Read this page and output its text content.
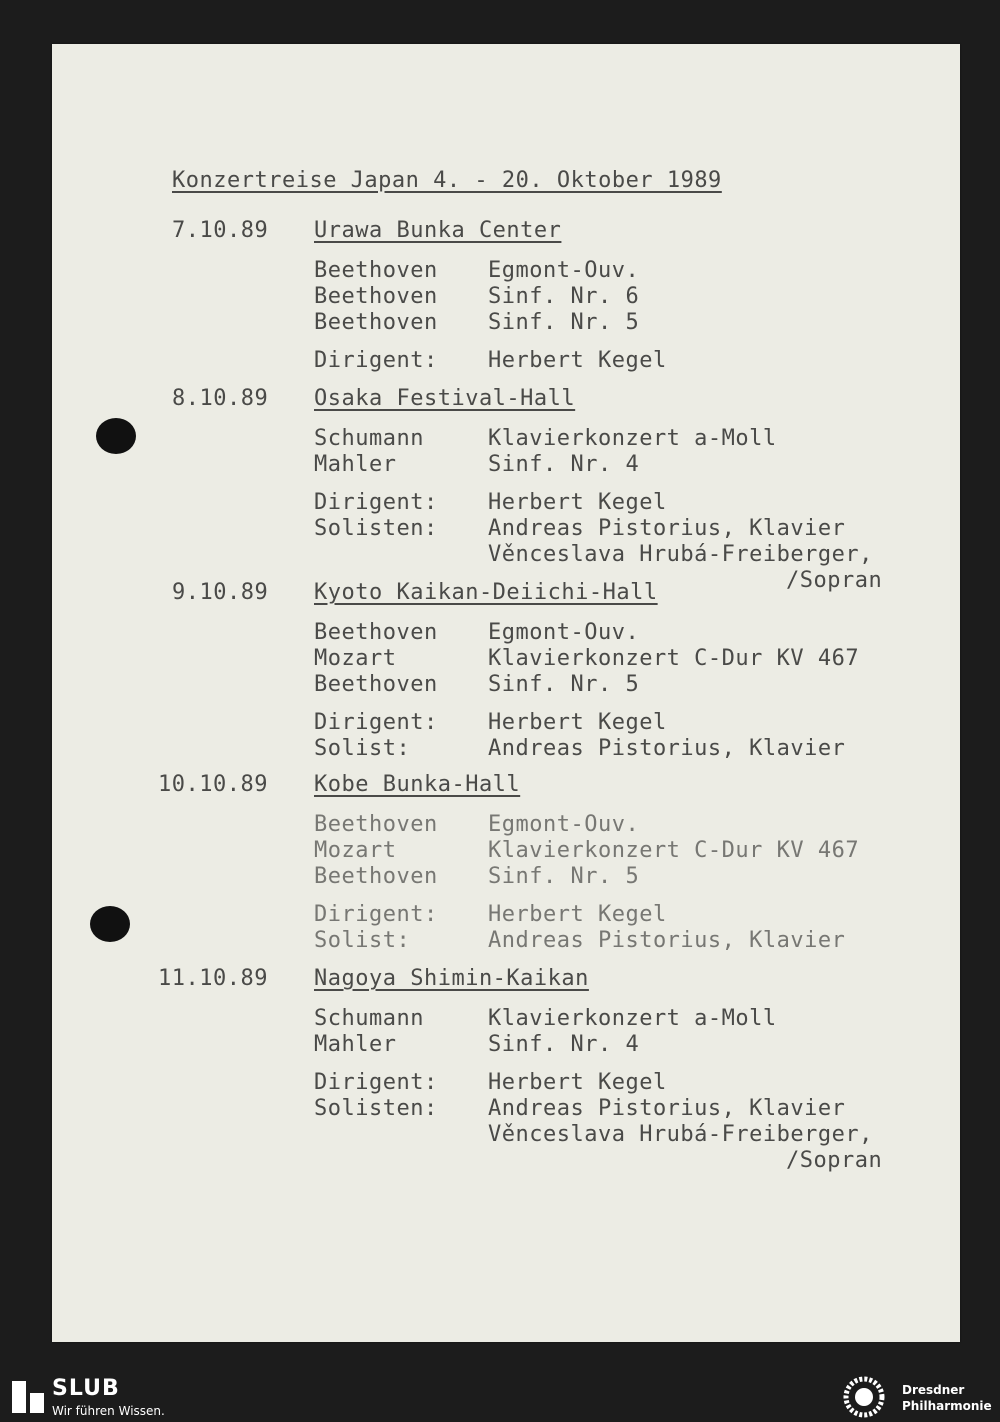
Konzertreise Japan 4. - 20. Oktober 1989
7.10.89 Urawa Bunka Center
Beethoven Egmont-Ouv.
Beethoven Sinf. Nr. 6
Beethoven Sinf. Nr. 5
Dirigent: Herbert Kegel
8.10.89 Osaka Festival-Hall
Schumann	Klavierkonzert a-Moll
Mahler	Sinf. Nr. 4
Dirigent: Herbert Kegel
Solisten: Andreas Pistorius, Klavier
Věnceslava Hrubá-Freiberger,
/Sopran
9.10.89 Kyoto Kaikan-Deiichi-Hall
Beethoven Egmont-Ouv.
Mozart	Klavierkonzert C-Dur KV 467
Beethoven Sinf. Nr. 5
Dirigent: Herbert Kegel
Solist:	Andreas Pistorius, Klavier
10.10.89 Kobe Bunka-Hall
Beethoven Egmont-Ouv.
Mozart	Klavierkonzert C-Dur KV 467
Beethoven Sinf. Nr. 5
Dirigent: Herbert Kegel
Solist:	Andreas Pistorius, Klavier
11.10.89 Nagoya Shimin-Kaikan
Schumann	Klavierkonzert a-Moll
Mahler	Sinf. Nr. 4
Dirigent: Herbert Kegel
Solisten: Andreas Pistorius, Klavier
Věnceslava Hrubá-Freiberger,
/Sopran
SLUB
Wir führen Wissen.
Dresdner
Philharmonie
